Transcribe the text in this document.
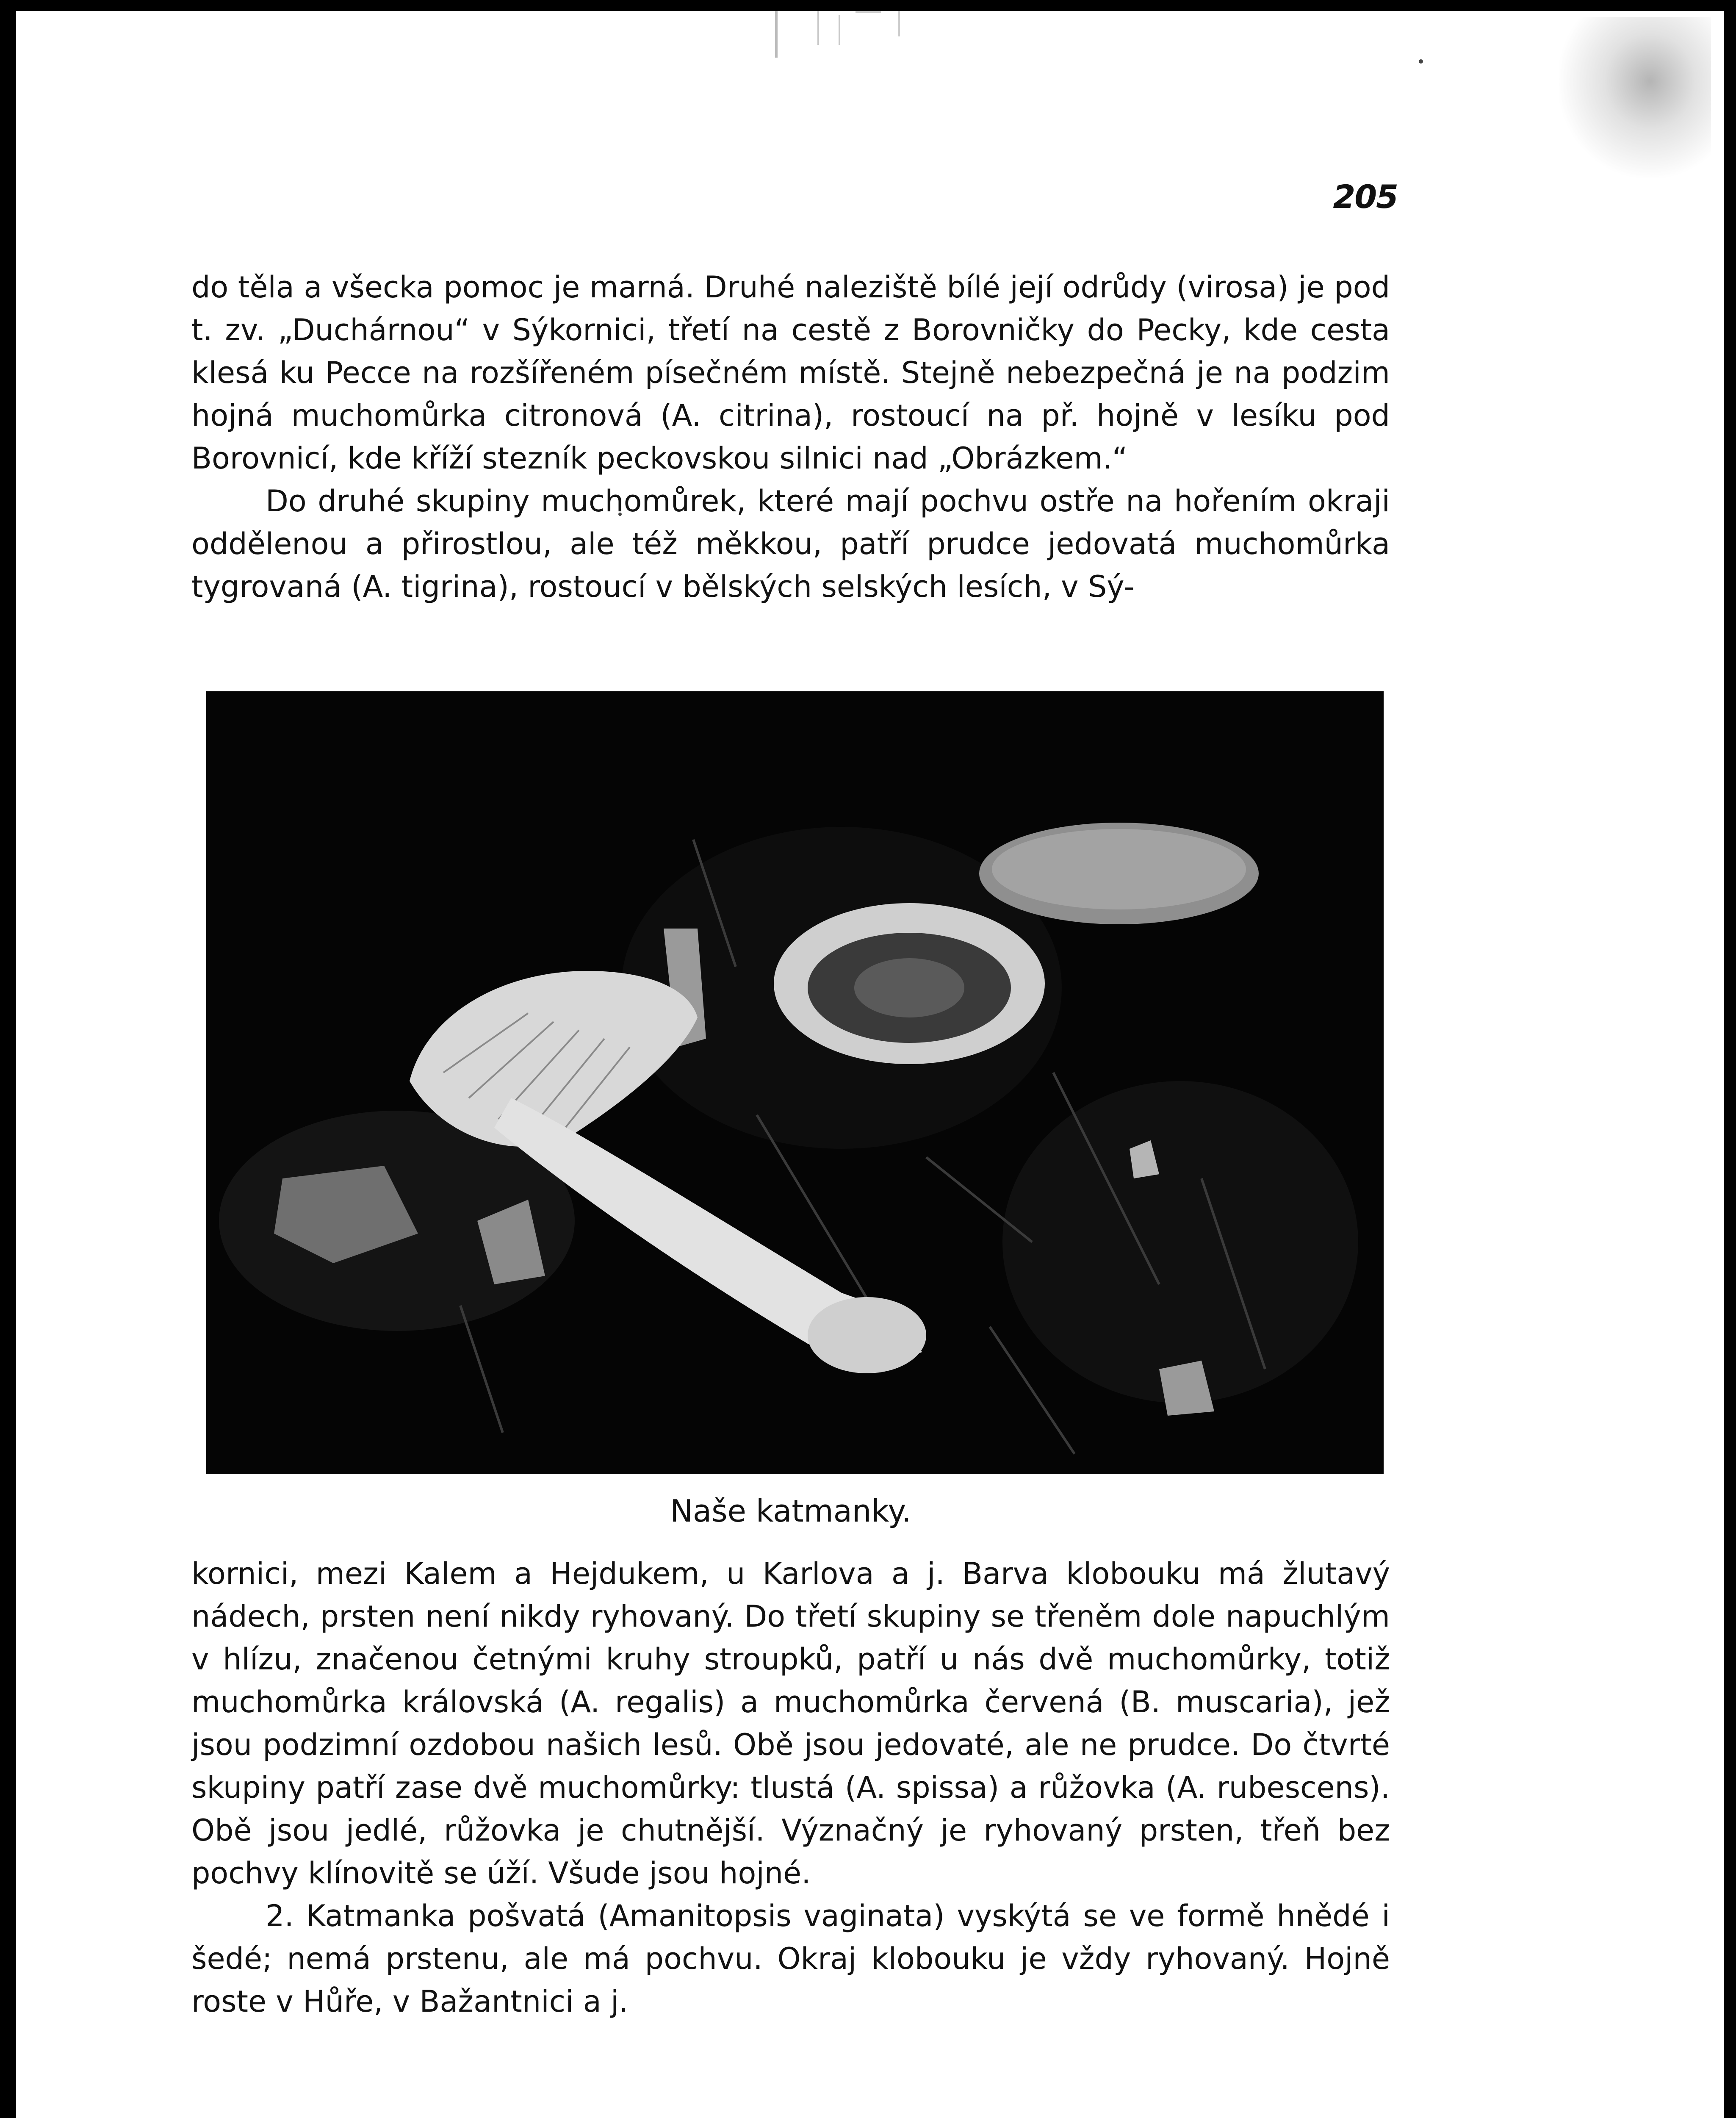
205

do těla a všecka pomoc je marná. Druhé naleziště bílé její odrůdy (virosa) je pod t. zv. „Duchárnou“ v Sýkornici, třetí na cestě z Borovničky do Pecky, kde cesta klesá ku Pecce na rozšířeném písečném místě. Stejně nebezpečná je na podzim hojná muchomůrka citronová (A. citrina), rostoucí na př. hojně v lesíku pod Borovnicí, kde kříží stezník peckovskou silnici nad „Obrázkem.“

Do druhé skupiny muchomůrek, které mají pochvu ostře na hořením okraji oddělenou a přirostlou, ale též měkkou, patří prudce jedovatá muchomůrka tygrovaná (A. tigrina), rostoucí v bělských selských lesích, v Sý-

Naše katmanky.

kornici, mezi Kalem a Hejdukem, u Karlova a j. Barva klobouku má žlutavý nádech, prsten není nikdy ryhovaný. Do třetí skupiny se třeněm dole napuchlým v hlízu, značenou četnými kruhy stroupků, patří u nás dvě muchomůrky, totiž muchomůrka královská (A. regalis) a muchomůrka červená (B. muscaria), jež jsou podzimní ozdobou našich lesů. Obě jsou jedovaté, ale ne prudce. Do čtvrté skupiny patří zase dvě muchomůrky: tlustá (A. spissa) a růžovka (A. rubescens). Obě jsou jedlé, růžovka je chutnější. Význačný je ryhovaný prsten, třeň bez pochvy klínovitě se úží. Všude jsou hojné.

2. Katmanka pošvatá (Amanitopsis vaginata) vyskýtá se ve formě hnědé i šedé; nemá prstenu, ale má pochvu. Okraj klobouku je vždy ryhovaný. Hojně roste v Hůře, v Bažantnici a j.
